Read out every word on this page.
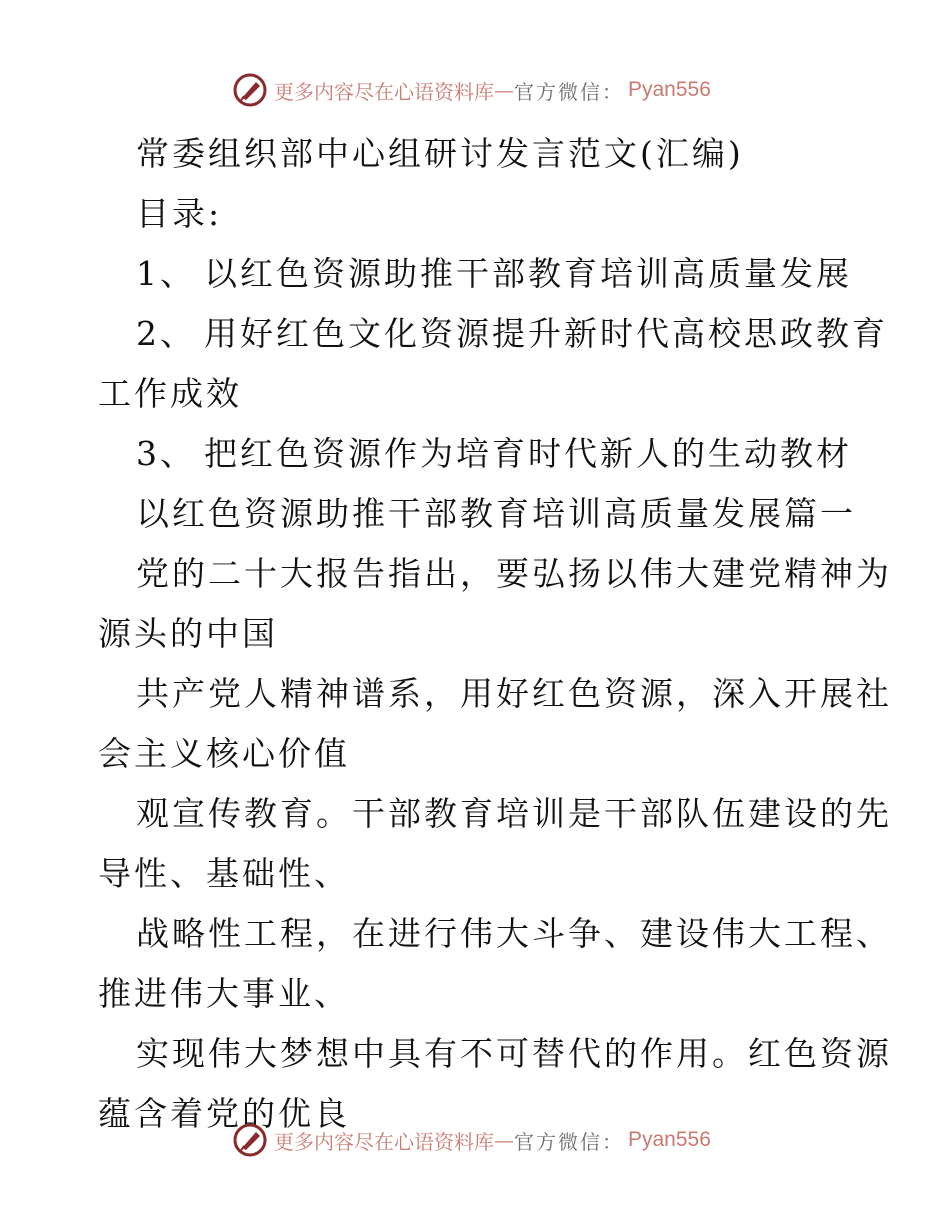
更多内容尽在心语资料库 — 官方微信： Pyan556
常委组织部中心组研讨发言范文(汇编)
目录:
1、 以红色资源助推干部教育培训高质量发展
2、 用好红色文化资源提升新时代高校思政教育
工作成效
3、 把红色资源作为培育时代新人的生动教材
以红色资源助推干部教育培训高质量发展篇一
党的二十大报告指出，要弘扬以伟大建党精神为
源头的中国
共产党人精神谱系，用好红色资源，深入开展社
会主义核心价值
观宣传教育。干部教育培训是干部队伍建设的先
导性、基础性、
战略性工程，在进行伟大斗争、建设伟大工程、
推进伟大事业、
实现伟大梦想中具有不可替代的作用。红色资源
蕴含着党的优良
更多内容尽在心语资料库 — 官方微信： Pyan556
